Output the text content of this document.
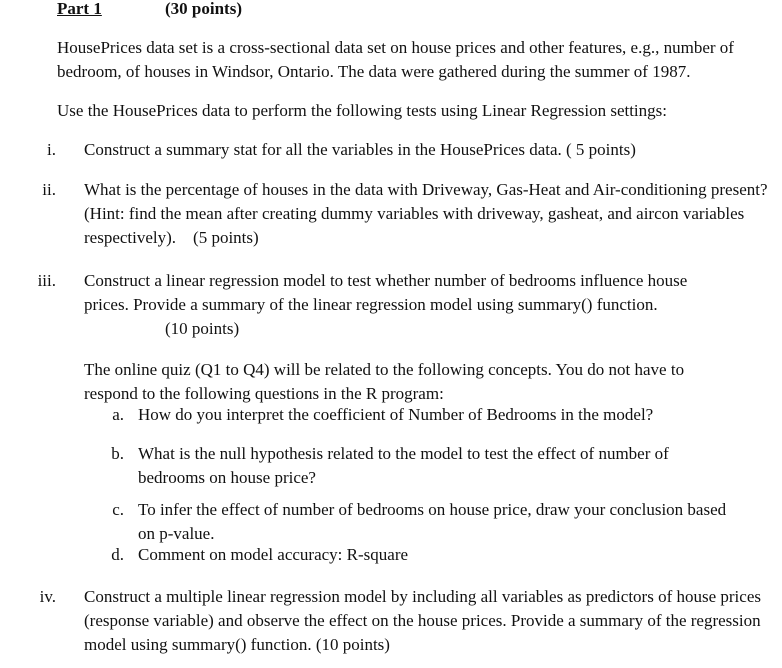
Part 1	(30 points)
HousePrices data set is a cross-sectional data set on house prices and other features, e.g., number of bedroom, of houses in Windsor, Ontario. The data were gathered during the summer of 1987.
Use the HousePrices data to perform the following tests using Linear Regression settings:
i. Construct a summary stat for all the variables in the HousePrices data. ( 5 points)
ii. What is the percentage of houses in the data with Driveway, Gas-Heat and Air-conditioning present? (Hint: find the mean after creating dummy variables with driveway, gasheat, and aircon variables respectively). (5 points)
iii. Construct a linear regression model to test whether number of bedrooms influence house prices. Provide a summary of the linear regression model using summary() function.
(10 points)
The online quiz (Q1 to Q4) will be related to the following concepts. You do not have to respond to the following questions in the R program:
a. How do you interpret the coefficient of Number of Bedrooms in the model?
b. What is the null hypothesis related to the model to test the effect of number of bedrooms on house price?
c. To infer the effect of number of bedrooms on house price, draw your conclusion based on p-value.
d. Comment on model accuracy: R-square
iv. Construct a multiple linear regression model by including all variables as predictors of house prices (response variable) and observe the effect on the house prices. Provide a summary of the regression model using summary() function. (10 points)
